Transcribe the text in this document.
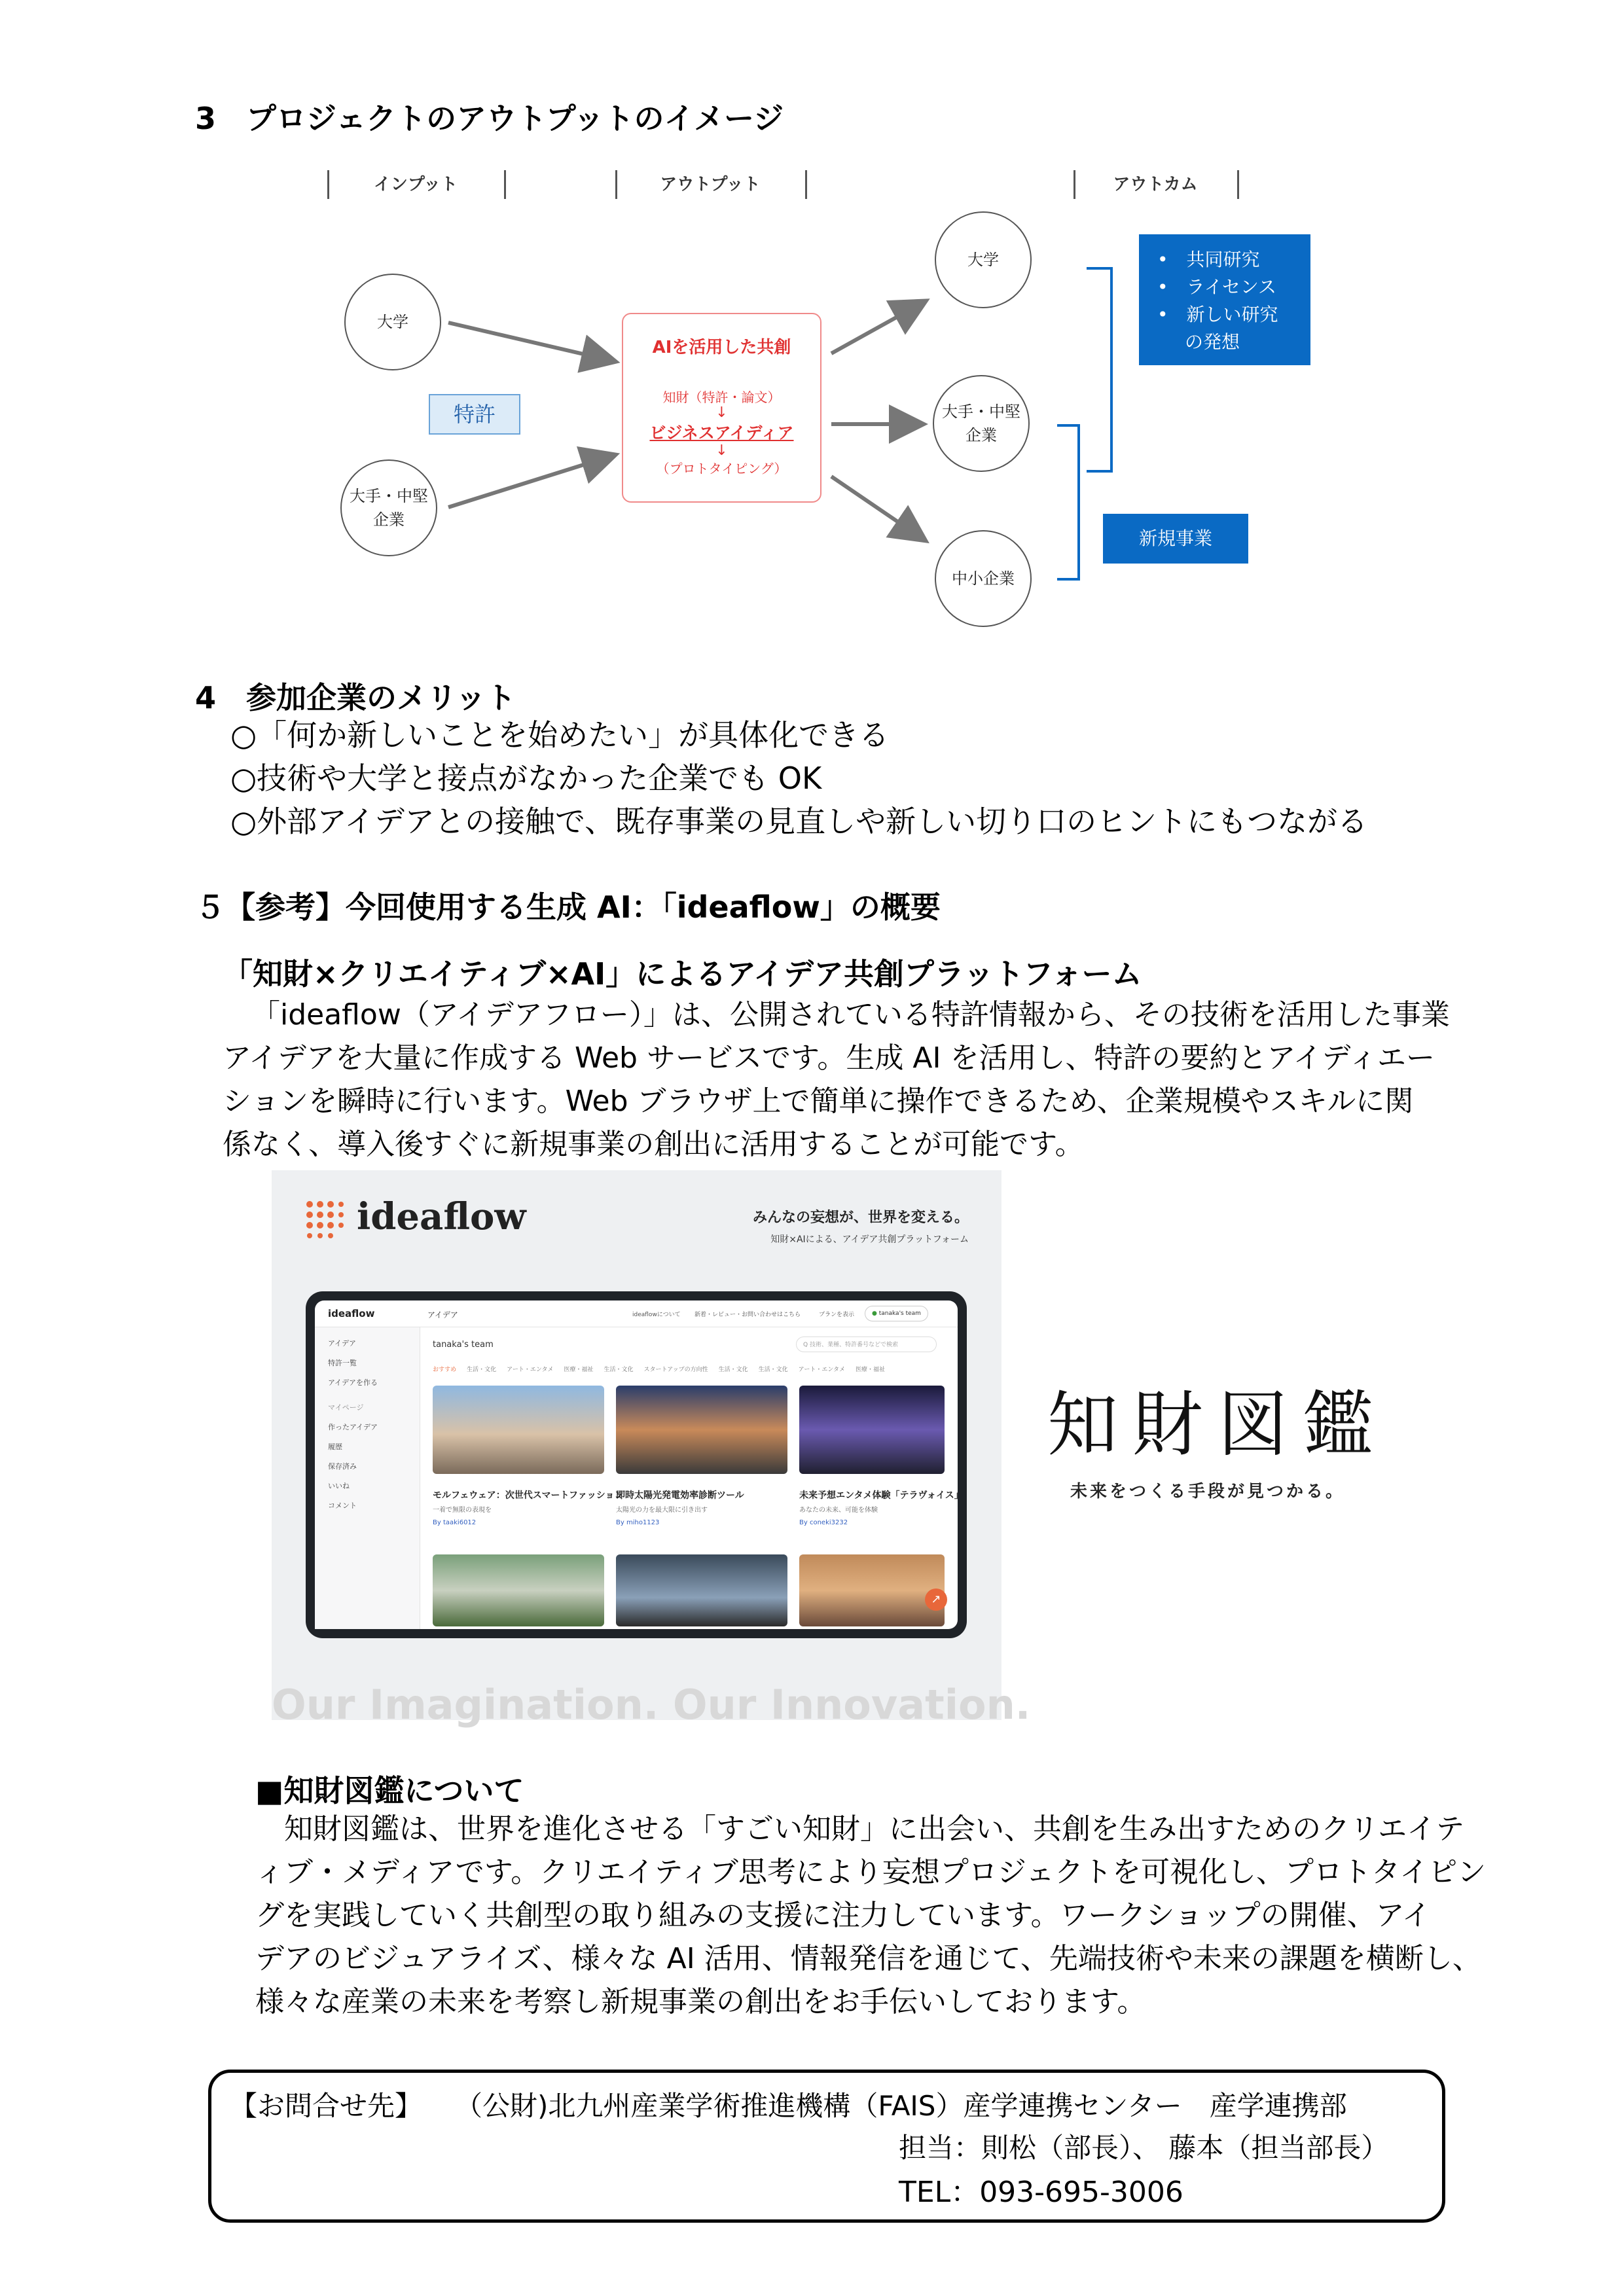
3　プロジェクトのアウトプットのイメージ
インプット	アウトプット	アウトカム
大学
特許
大手・中堅
企業
AIを活用した共創
知財（特許・論文）
↓
ビジネスアイディア
↓
（プロトタイピング）
大学
大手・中堅
企業
中小企業
•　共同研究
•　ライセンス
•　新しい研究
の発想
新規事業
4　参加企業のメリット
○「何か新しいことを始めたい」が具体化できる
○技術や大学と接点がなかった企業でも OK
○外部アイデアとの接触で、既存事業の見直しや新しい切り口のヒントにもつながる
５【参考】今回使用する生成 AI：「ideaflow」の概要
「知財×クリエイティブ×AI」によるアイデア共創プラットフォーム
「ideaflow（アイデアフロー）」は、公開されている特許情報から、その技術を活用した事業
アイデアを大量に作成する Web サービスです。生成 AI を活用し、特許の要約とアイディエー
ションを瞬時に行います。Web ブラウザ上で簡単に操作できるため、企業規模やスキルに関
係なく、導入後すぐに新規事業の創出に活用することが可能です。
ideaflow	みんなの妄想が、世界を変える。
知財×AIによる、アイデア共創プラットフォーム
ideaflow	アイデア	ideaflowについて 新着・レビュー・お問い合わせはこちら	プランを表示	● tanaka's team
アイデア
特許一覧
アイデアを作る
マイページ
作ったアイデア
履歴
保存済み
いいね
コメント
tanaka's team	Q 技術、業種、特許番号などで検索
おすすめ 生活・文化 アート・エンタメ 医療・福祉 生活・文化 スタートアップの方向性 生活・文化 生活・文化 アート・エンタメ 医療・福祉
モルフェウェア：次世代スマートファッション
一着で無限の表現を
By taaki6012
即時太陽光発電効率診断ツール
太陽光の力を最大限に引き出す
By miho1123
未来予想エンタメ体験「テラヴォイス」
あなたの未来、可能を体験
By coneki3232
↗
Our Imagination. Our Innovation.
知財図鑑
未来をつくる手段が見つかる。
■知財図鑑について
知財図鑑は、世界を進化させる「すごい知財」に出会い、共創を生み出すためのクリエイテ
ィブ・メディアです。クリエイティブ思考により妄想プロジェクトを可視化し、プロトタイピン
グを実践していく共創型の取り組みの支援に注力しています。ワークショップの開催、アイ
デアのビジュアライズ、様々な AI 活用、情報発信を通じて、先端技術や未来の課題を横断し、
様々な産業の未来を考察し新規事業の創出をお手伝いしております。
【お問合せ先】 （公財)北九州産業学術推進機構（FAIS）産学連携センター　産学連携部
担当：則松（部長）、 藤本（担当部長）
TEL：093-695-3006
